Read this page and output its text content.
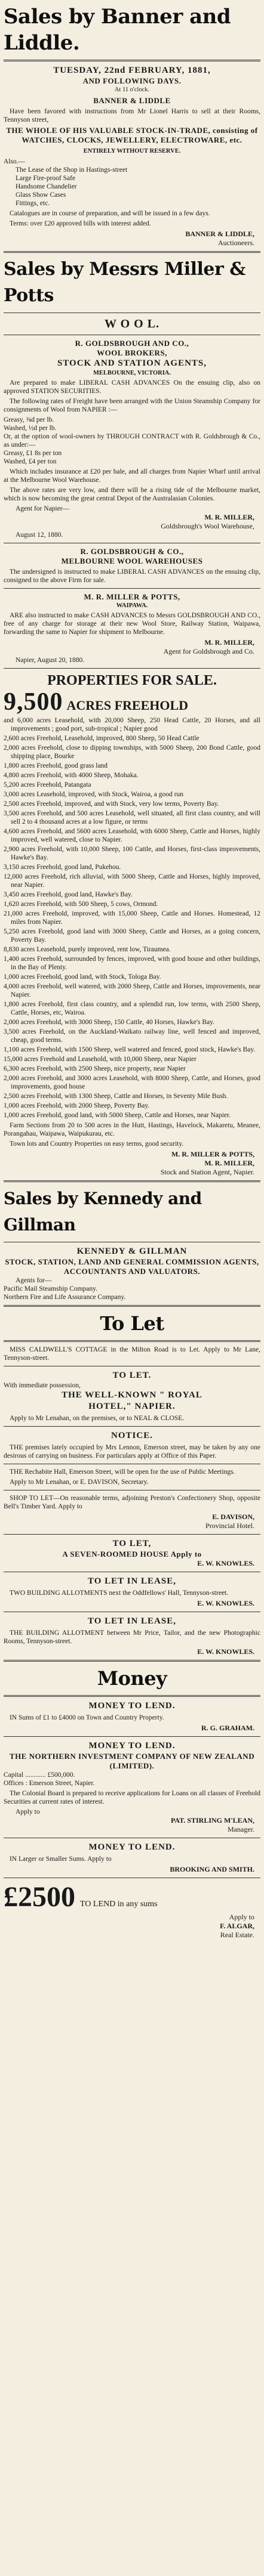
Sales by Banner and Liddle.
TUESDAY, 22nd FEBRUARY, 1881,
AND FOLLOWING DAYS.
At 11 o'clock.
BANNER & LIDDLE
Have been favored with instructions from Mr Lionel Harris to sell at their Rooms, Tennyson street,
THE WHOLE OF HIS VALUABLE STOCK-IN-TRADE, consisting of
WATCHES, CLOCKS, JEWELLERY, ELECTROWARE, etc.
ENTIRELY WITHOUT RESERVE.
Also.—
The Lease of the Shop in Hastings-street
Large Fire-proof Safe
Handsome Chandelier
Glass Show Cases
Fittings, etc.
Catalogues are in course of preparation, and will be issued in a few days.
Terms: over £20 approved bills with interest added.
BANNER & LIDDLE,
Auctioneers.
Sales by Messrs Miller & Potts
W O O L.
R. GOLDSBROUGH AND CO.,
WOOL BROKERS,
STOCK AND STATION AGENTS,
MELBOURNE, VICTORIA.
Are prepared to make LIBERAL CASH ADVANCES On the ensuing clip, also on approved STATION SECURITIES.
The following rates of Freight have been arranged with the Union Steamship Company for consignments of Wool from NAPIER :—
Greasy, ⅜d per lb.
Washed, ½d per lb.
Or, at the option of wool-owners by THROUGH CONTRACT with R. Goldsbrough & Co., as under:—
Greasy, £1 8s per ton
Washed, £4 per ton
Which includes insurance at £20 per bale, and all charges from Napier Wharf until arrival at the Melbourne Wool Warehouse.
The above rates are very low, and there will be a rising tide of the Melbourne market, which is now becoming the great central Depot of the Australasian Colonies.
Agent for Napier—
M. R. MILLER,
Goldsbrough's Wool Warehouse,
August 12, 1880.
R. GOLDSBROUGH & CO.,
MELBOURNE WOOL WAREHOUSES
The undersigned is instructed to make LIBERAL CASH ADVANCES on the ensuing clip, consigned to the above Firm for sale.
M. R. MILLER & POTTS,
WAIPAWA.
ARE also instructed to make CASH ADVANCES to Messrs GOLDSBROUGH AND CO., free of any charge for storage at their new Wool Store, Railway Station, Waipawa, forwarding the same to Napier for shipment to Melbourne.
M. R. MILLER,
Agent for Goldsbrough and Co.
Napier, August 20, 1880.
PROPERTIES FOR SALE.
9,500 ACRES FREEHOLD
and 6,000 acres Leasehold, with 20,000 Sheep, 250 Head Cattle, 20 Horses, and all improvements ; good port, sub-tropical ; Napier good
2,600 acres Freehold, Leasehold, improved, 800 Sheep, 50 Head Cattle
2,000 acres Freehold, close to dipping townships, with 5000 Sheep, 200 Bond Cattle, good shipping place, Bourke
1,800 acres Freehold, good grass land
4,800 acres Freehold, with 4000 Sheep, Mohaka.
5,200 acres Freehold, Patangata
3,000 acres Leasehold, improved, with Stock, Wairoa, a good run
2,500 acres Freehold, improved, and with Stock, very low terms, Poverty Bay.
3,500 acres Freehold, and 500 acres Leasehold, well situated, all first class country, and will sell 2 to 4 thousand acres at a low figure, or terms
4,600 acres Freehold, and 5600 acres Leasehold, with 6000 Sheep, Cattle and Horses, highly improved, well watered, close to Napier.
2,900 acres Freehold, with 10,000 Sheep, 100 Cattle, and Horses, first-class improvements, Hawke's Bay.
3,150 acres Freehold, good land, Pukehou.
12,000 acres Freehold, rich alluvial, with 5000 Sheep, Cattle and Horses, highly improved, near Napier.
3,450 acres Freehold, good land, Hawke's Bay.
1,620 acres Freehold, with 500 Sheep, 5 cows, Ormond.
21,000 acres Freehold, improved, with 15,000 Sheep, Cattle and Horses. Homestead, 12 miles from Napier.
5,250 acres Freehold, good land with 3000 Sheep, Cattle and Horses, as a going concern, Poverty Bay.
8,830 acres Leasehold, purely improved, rent low, Tiraumea.
1,400 acres Freehold, surrounded by fences, improved, with good house and other buildings, in the Bay of Plenty.
1,000 acres Freehold, good land, with Stock, Tologa Bay.
4,000 acres Freehold, well watered, with 2000 Sheep, Cattle and Horses, improvements, near Napier.
1,800 acres Freehold, first class country, and a splendid run, low terms, with 2500 Sheep, Cattle, Horses, etc, Wairoa.
2,000 acres Freehold, with 3000 Sheep, 150 Cattle, 40 Horses, Hawke's Bay.
3,500 acres Freehold, on the Auckland-Waikato railway line, well fenced and improved, cheap, good terms.
1,100 acres Freehold, with 1500 Sheep, well watered and fenced, good stock, Hawke's Bay.
15,000 acres Freehold and Leasehold, with 10,000 Sheep, near Napier
6,300 acres Freehold, with 2500 Sheep, nice property, near Napier
2,000 acres Freehold, and 3000 acres Leasehold, with 8000 Sheep, Cattle, and Horses, good improvements, good house
2,500 acres Freehold, with 1300 Sheep, Cattle and Horses, in Seventy Mile Bush.
1,000 acres Freehold, with 2000 Sheep, Poverty Bay.
1,000 acres Freehold, good land, with 5000 Sheep, Cattle and Horses, near Napier.
Farm Sections from 20 to 500 acres in the Hutt, Hastings, Havelock, Makaretu, Meanee, Porangahau, Waipawa, Waipukurau, etc.
Town lots and Country Properties on easy terms, good security.
M. R. MILLER & POTTS,
M. R. MILLER,
Stock and Station Agent, Napier.
Sales by Kennedy and Gillman
KENNEDY & GILLMAN
STOCK, STATION, LAND AND GENERAL COMMISSION AGENTS,
ACCOUNTANTS AND VALUATORS.
Agents for—
Pacific Mail Steamship Company.
Northern Fire and Life Assurance Company.
To Let
MISS CALDWELL'S COTTAGE in the Milton Road is to Let. Apply to Mr Lane, Tennyson-street.
TO LET.
With immediate possession,
THE WELL-KNOWN " ROYAL
HOTEL," NAPIER.
Apply to Mr Lenahan, on the premises, or to NEAL & CLOSE.
NOTICE.
THE premises lately occupied by Mrs Lennon, Emerson street, may be taken by any one desirous of carrying on business. For particulars apply at Office of this Paper.
THE Rechabite Hall, Emerson Street, will be open for the use of Public Meetings.
Apply to Mr Lenahan, or E. DAVISON, Secretary.
SHOP TO LET—On reasonable terms, adjoining Preston's Confectionery Shop, opposite Bell's Timber Yard. Apply to
E. DAVISON,
Provincial Hotel.
TO LET,
A SEVEN-ROOMED HOUSE Apply to
E. W. KNOWLES.
TO LET IN LEASE,
TWO BUILDING ALLOTMENTS next the Oddfellows' Hall, Tennyson-street.
E. W. KNOWLES.
TO LET IN LEASE,
THE BUILDING ALLOTMENT between Mr Price, Tailor, and the new Photographic Rooms, Tennyson-street.
E. W. KNOWLES.
Money
MONEY TO LEND.
IN Sums of £1 to £4000 on Town and Country Property.
R. G. GRAHAM.
MONEY TO LEND.
THE NORTHERN INVESTMENT COMPANY OF NEW ZEALAND (LIMITED).
Capital ............ £500,000.
Offices : Emerson Street, Napier.
The Colonial Board is prepared to receive applications for Loans on all classes of Freehold Securities at current rates of interest.
Apply to
PAT. STIRLING M'LEAN,
Manager.
MONEY TO LEND.
IN Larger or Smaller Sums. Apply to
BROOKING AND SMITH.
£2500 TO LEND in any sums
Apply to
F. ALGAR,
Real Estate.
